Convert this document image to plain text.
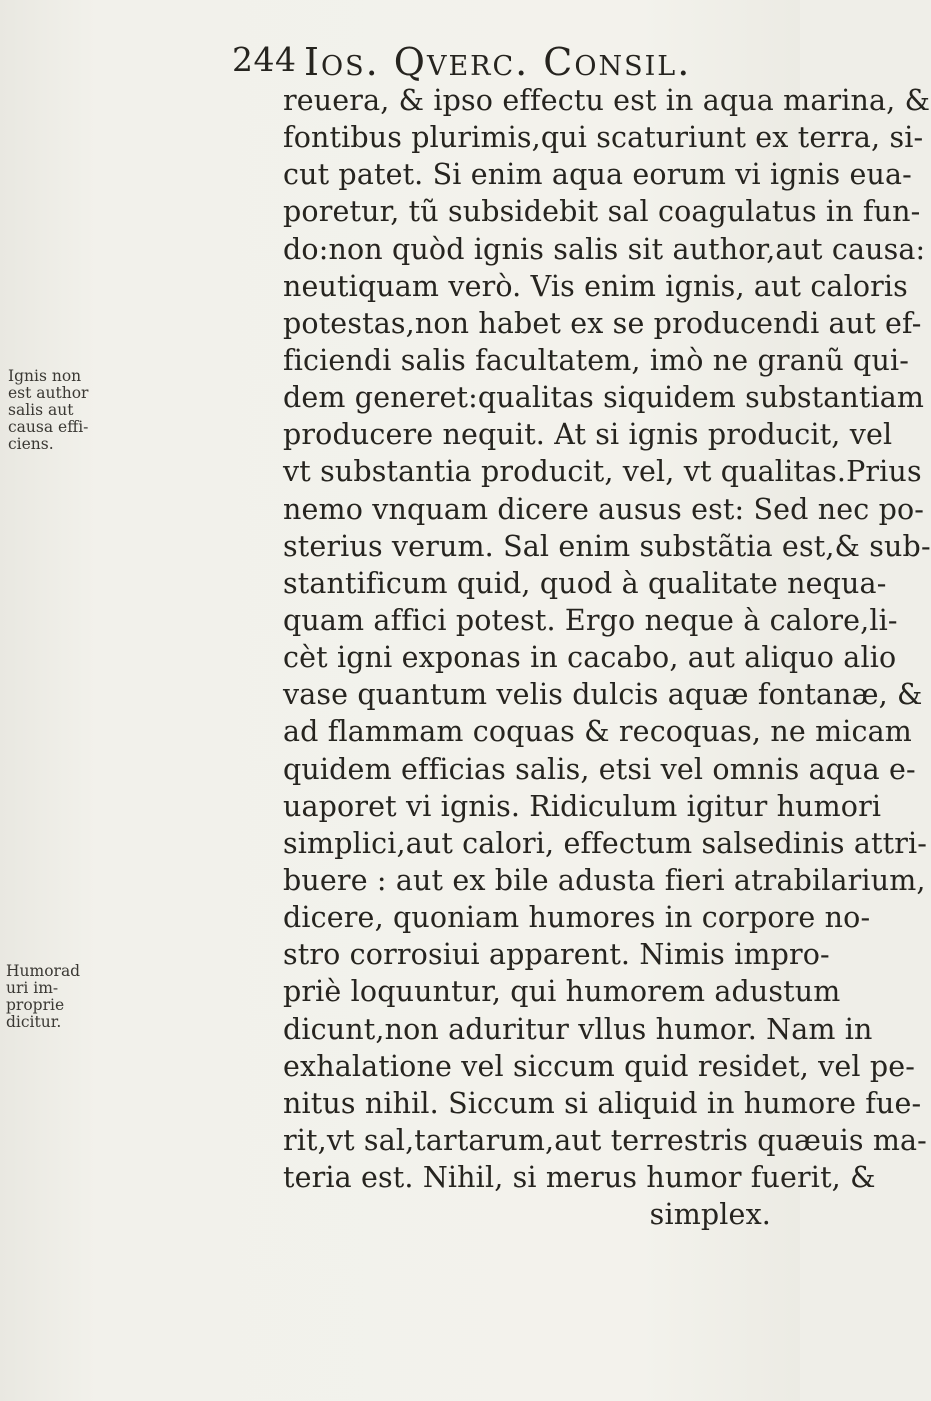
244 Ios. Qverc. Consil.
Ignis non
est author
salis aut
causa effi-
ciens.
Humorad
uri im-
proprie
dicitur.
reuera, & ipso effectu est in aqua marina, &
fontibus plurimis,qui scaturiunt ex terra, si-
cut patet. Si enim aqua eorum vi ignis eua-
poretur, tũ subsidebit sal coagulatus in fun-
do:non quòd ignis salis sit author,aut causa:
neutiquam verò. Vis enim ignis, aut caloris
potestas,non habet ex se producendi aut ef-
ficiendi salis facultatem, imò ne granũ qui-
dem generet:qualitas siquidem substantiam
producere nequit. At si ignis producit, vel
vt substantia producit, vel, vt qualitas.Prius
nemo vnquam dicere ausus est: Sed nec po-
sterius verum. Sal enim substãtia est,& sub-
stantificum quid, quod à qualitate nequa-
quam affici potest. Ergo neque à calore,li-
cèt igni exponas in cacabo, aut aliquo alio
vase quantum velis dulcis aquæ fontanæ, &
ad flammam coquas & recoquas, ne micam
quidem efficias salis, etsi vel omnis aqua e-
uaporet vi ignis. Ridiculum igitur humori
simplici,aut calori, effectum salsedinis attri-
buere : aut ex bile adusta fieri atrabilarium,
dicere, quoniam humores in corpore no-
stro corrosiui apparent. Nimis impro-
priè loquuntur, qui humorem adustum
dicunt,non aduritur vllus humor. Nam in
exhalatione vel siccum quid residet, vel pe-
nitus nihil. Siccum si aliquid in humore fue-
rit,vt sal,tartarum,aut terrestris quæuis ma-
teria est. Nihil, si merus humor fuerit, &
simplex.
